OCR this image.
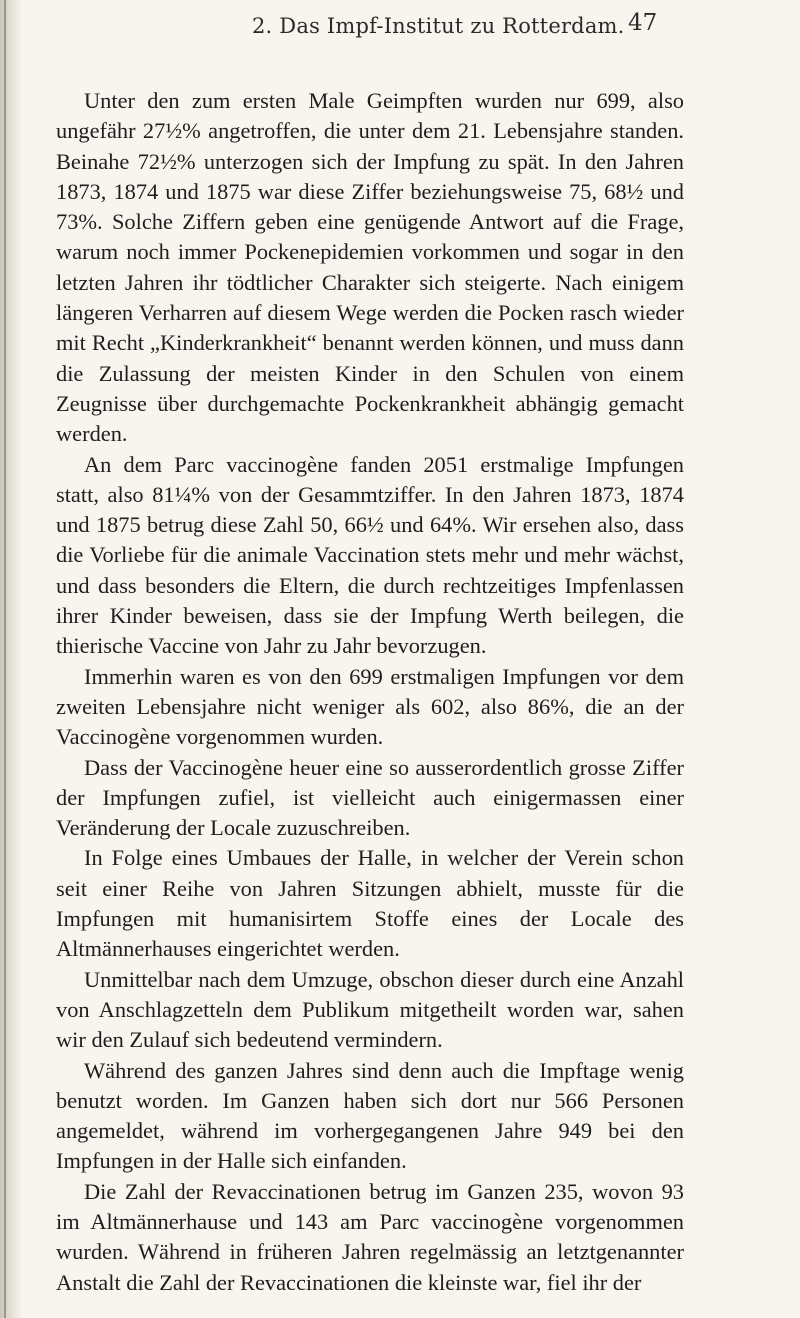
2. Das Impf-Institut zu Rotterdam. 47

Unter den zum ersten Male Geimpften wurden nur 699, also ungefähr 27½% angetroffen, die unter dem 21. Lebensjahre standen. Beinahe 72½% unterzogen sich der Impfung zu spät. In den Jahren 1873, 1874 und 1875 war diese Ziffer beziehungsweise 75, 68½ und 73%. Solche Ziffern geben eine genügende Antwort auf die Frage, warum noch immer Pockenepidemien vorkommen und sogar in den letzten Jahren ihr tödtlicher Charakter sich steigerte. Nach einigem längeren Verharren auf diesem Wege werden die Pocken rasch wieder mit Recht „Kinderkrankheit“ benannt werden können, und muss dann die Zulassung der meisten Kinder in den Schulen von einem Zeugnisse über durchgemachte Pockenkrankheit abhängig gemacht werden.

An dem Parc vaccinogène fanden 2051 erstmalige Impfungen statt, also 81¼% von der Gesammtziffer. In den Jahren 1873, 1874 und 1875 betrug diese Zahl 50, 66½ und 64%. Wir ersehen also, dass die Vorliebe für die animale Vaccination stets mehr und mehr wächst, und dass besonders die Eltern, die durch rechtzeitiges Impfenlassen ihrer Kinder beweisen, dass sie der Impfung Werth beilegen, die thierische Vaccine von Jahr zu Jahr bevorzugen.

Immerhin waren es von den 699 erstmaligen Impfungen vor dem zweiten Lebensjahre nicht weniger als 602, also 86%, die an der Vaccinogène vorgenommen wurden.

Dass der Vaccinogène heuer eine so ausserordentlich grosse Ziffer der Impfungen zufiel, ist vielleicht auch einigermassen einer Veränderung der Locale zuzuschreiben.

In Folge eines Umbaues der Halle, in welcher der Verein schon seit einer Reihe von Jahren Sitzungen abhielt, musste für die Impfungen mit humanisirtem Stoffe eines der Locale des Altmännerhauses eingerichtet werden.

Unmittelbar nach dem Umzuge, obschon dieser durch eine Anzahl von Anschlagzetteln dem Publikum mitgetheilt worden war, sahen wir den Zulauf sich bedeutend vermindern.

Während des ganzen Jahres sind denn auch die Impftage wenig benutzt worden. Im Ganzen haben sich dort nur 566 Personen angemeldet, während im vorhergegangenen Jahre 949 bei den Impfungen in der Halle sich einfanden.

Die Zahl der Revaccinationen betrug im Ganzen 235, wovon 93 im Altmännerhause und 143 am Parc vaccinogène vorgenommen wurden. Während in früheren Jahren regelmässig an letztgenannter Anstalt die Zahl der Revaccinationen die kleinste war, fiel ihr der
